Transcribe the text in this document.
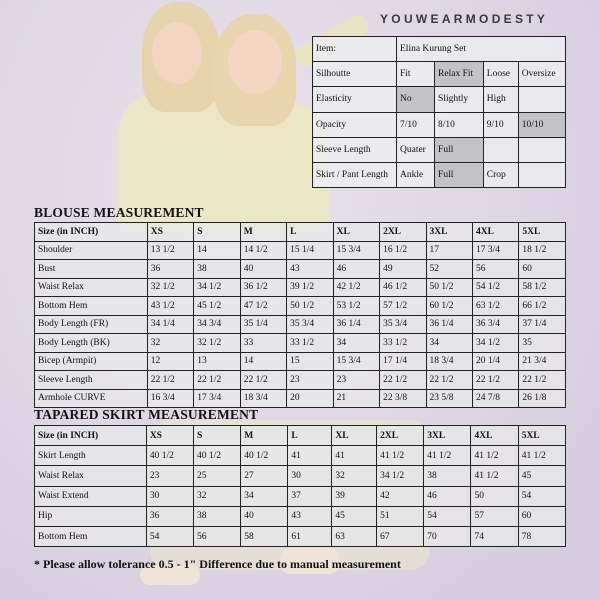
YOUWEARMODESTY
Item:	Elina Kurung Set			
Silhoutte	Fit	Relax Fit	Loose	Oversize
Elasticity	No	Slightly	High	
Opacity	7/10	8/10	9/10	10/10
Sleeve Length	Quater	Full		
Skirt / Pant Length	Ankle	Full	Crop	
BLOUSE MEASUREMENT
Size (in INCH)	XS	S	M	L	XL	2XL	3XL	4XL	5XL
Shoulder	13 1/2	14	14 1/2	15 1/4	15 3/4	16 1/2	17	17 3/4	18 1/2
Bust	36	38	40	43	46	49	52	56	60
Waist Relax	32 1/2	34 1/2	36 1/2	39 1/2	42 1/2	46 1/2	50 1/2	54 1/2	58 1/2
Bottom Hem	43 1/2	45 1/2	47 1/2	50 1/2	53 1/2	57 1/2	60 1/2	63 1/2	66 1/2
Body Length (FR)	34 1/4	34 3/4	35 1/4	35 3/4	36 1/4	35 3/4	36 1/4	36 3/4	37 1/4
Body Length (BK)	32	32 1/2	33	33 1/2	34	33 1/2	34	34 1/2	35
Bicep (Armpit)	12	13	14	15	15 3/4	17 1/4	18 3/4	20 1/4	21 3/4
Sleeve Length	22 1/2	22 1/2	22 1/2	23	23	22 1/2	22 1/2	22 1/2	22 1/2
Armhole CURVE	16 3/4	17 3/4	18 3/4	20	21	22 3/8	23 5/8	24 7/8	26 1/8
TAPARED SKIRT MEASUREMENT
Size (in INCH)	XS	S	M	L	XL	2XL	3XL	4XL	5XL
Skirt Length	40 1/2	40 1/2	40 1/2	41	41	41 1/2	41 1/2	41 1/2	41 1/2
Waist Relax	23	25	27	30	32	34 1/2	38	41 1/2	45
Waist Extend	30	32	34	37	39	42	46	50	54
Hip	36	38	40	43	45	51	54	57	60
Bottom Hem	54	56	58	61	63	67	70	74	78
* Please allow tolerance 0.5 - 1" Difference due to manual measurement
